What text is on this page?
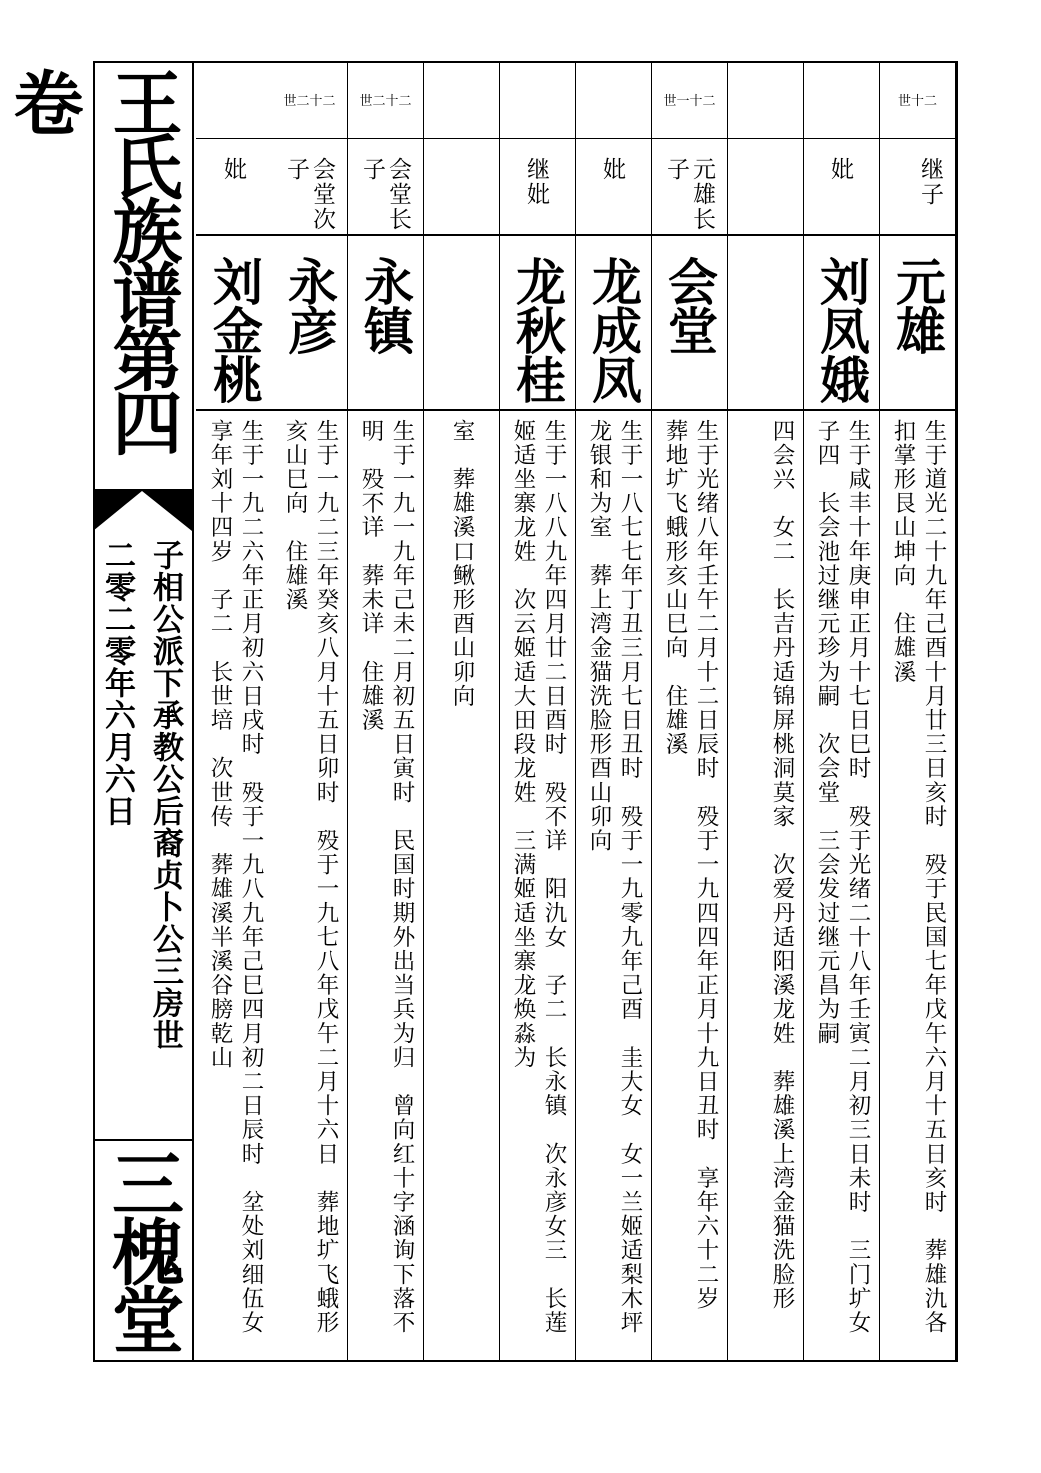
王氏族谱第四卷
子相公派下承教公后裔贞卜公三房世
二零二零年六月六日
三槐堂
世十二
继子
元雄
生于道光二十九年己酉十月廿三日亥时　殁于民国七年戊午六月十五日亥时　葬雄氿各扣掌形艮山坤向　住雄溪
妣
刘凤娥
生于咸丰十年庚申正月十七日巳时　殁于光绪二十八年壬寅二月初三日未时　三门圹女　子四　长会池过继元珍为嗣　次会堂　三会发过继元昌为嗣
四会兴　女二　长吉丹适锦屏桃洞莫家　次爱丹适阳溪龙姓　葬雄溪上湾金猫洗脸形
世一十二
元雄长子
会堂
生于光绪八年壬午二月十二日辰时　殁于一九四四年正月十九日丑时　享年六十二岁　葬地圹飞蛾形亥山巳向　住雄溪
妣
龙成凤
生于一八七七年丁丑三月七日丑时　殁于一九零九年己酉　圭大女　女一兰姬适梨木坪龙银和为室　葬上湾金猫洗脸形酉山卯向
继妣
龙秋桂
生于一八八九年四月廿二日酉时　殁不详　阳氿女　子二　长永镇　次永彦女三　长莲姬适坐寨龙姓　次云姬适大田段龙姓　三满姬适坐寨龙焕淼为
室　葬雄溪口鳅形酉山卯向
世二十二
会堂长子
永镇
生于一九一九年己未二月初五日寅时　民国时期外出当兵为归　曾向红十字涵询下落不明　殁不详　葬未详　住雄溪
世二十二
会堂次子
永彦
生于一九二三年癸亥八月十五日卯时　殁于一九七八年戊午二月十六日　葬地圹飞蛾形亥山巳向　住雄溪
妣
刘金桃
生于一九二六年正月初六日戌时　殁于一九八九年己巳四月初二日辰时　坌处刘细伍女　享年刘十四岁　子二　长世培　次世传　葬雄溪半溪谷膀乾山
